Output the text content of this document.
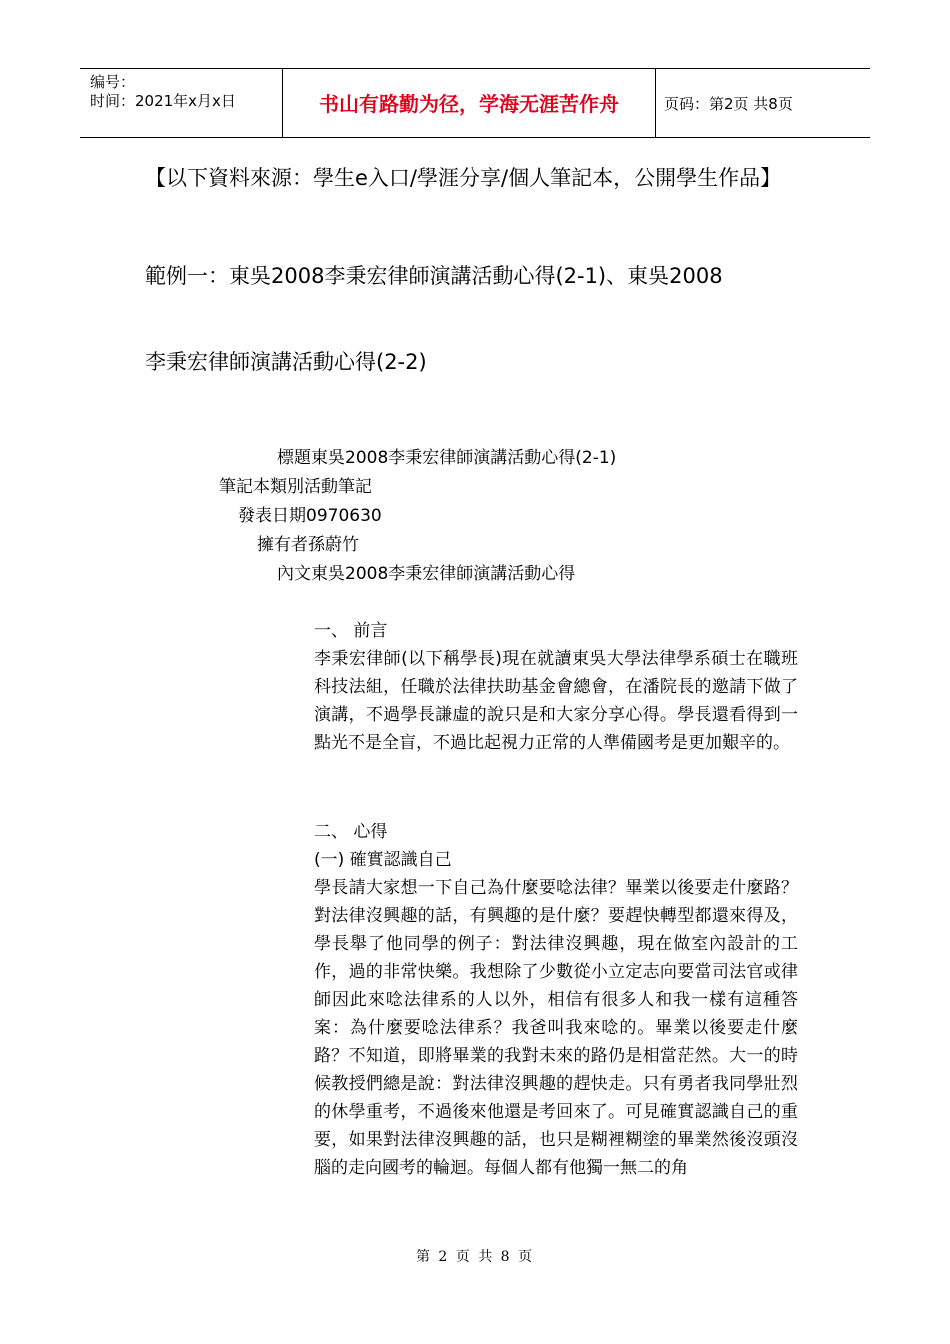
编号：
时间：2021年x月x日	书山有路勤为径，学海无涯苦作舟	页码：第2页 共8页
【以下資料來源：學生e入口/學涯分享/個人筆記本，公開學生作品】
範例一：東吳2008李秉宏律師演講活動心得(2-1)、東吳2008
李秉宏律師演講活動心得(2-2)
標題東吳2008李秉宏律師演講活動心得(2-1)
筆記本類別活動筆記
發表日期0970630
擁有者孫蔚竹
內文東吳2008李秉宏律師演講活動心得
一、 前言
李秉宏律師(以下稱學長)現在就讀東吳大學法律學系碩士在職班科技法組，任職於法律扶助基金會總會，在潘院長的邀請下做了演講，不過學長謙虛的說只是和大家分享心得。學長還看得到一點光不是全盲，不過比起視力正常的人準備國考是更加艱辛的。
二、 心得
(一) 確實認識自己
學長請大家想一下自己為什麼要唸法律？畢業以後要走什麼路？對法律沒興趣的話，有興趣的是什麼？要趕快轉型都還來得及，學長舉了他同學的例子：對法律沒興趣，現在做室內設計的工作，過的非常快樂。我想除了少數從小立定志向要當司法官或律師因此來唸法律系的人以外，相信有很多人和我一樣有這種答案：為什麼要唸法律系？我爸叫我來唸的。畢業以後要走什麼路？不知道，即將畢業的我對未來的路仍是相當茫然。大一的時候教授們總是說：對法律沒興趣的趕快走。只有勇者我同學壯烈的休學重考，不過後來他還是考回來了。可見確實認識自己的重要，如果對法律沒興趣的話，也只是糊裡糊塗的畢業然後沒頭沒腦的走向國考的輪迴。每個人都有他獨一無二的角
第 2 页 共 8 页
